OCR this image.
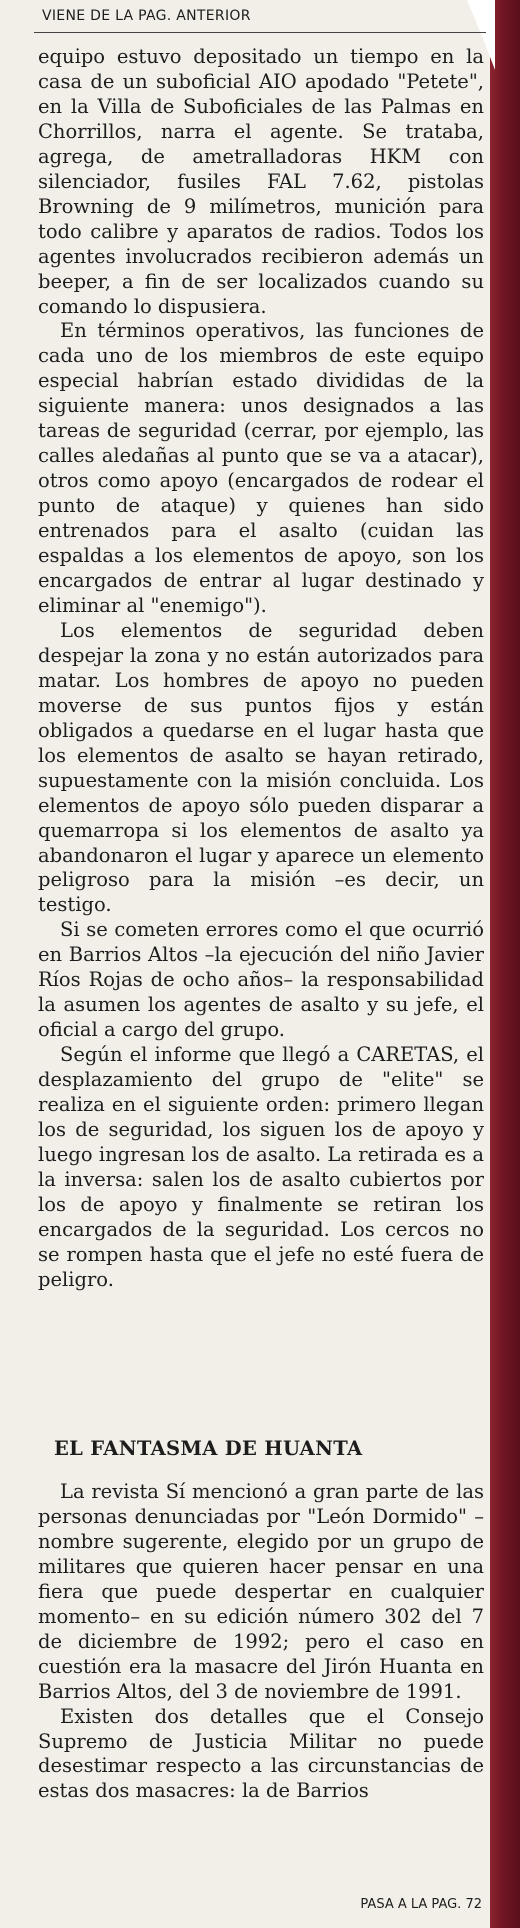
VIENE DE LA PAG. ANTERIOR

equipo estuvo depositado un tiempo en la casa de un suboficial AIO apodado "Petete", en la Villa de Suboficiales de las Palmas en Chorrillos, narra el agente. Se trataba, agrega, de ametralladoras HKM con silenciador, fusiles FAL 7.62, pistolas Browning de 9 milímetros, munición para todo calibre y aparatos de radios. Todos los agentes involucrados recibieron además un beeper, a fin de ser localizados cuando su comando lo dispusiera.

En términos operativos, las funciones de cada uno de los miembros de este equipo especial habrían estado divididas de la siguiente manera: unos designados a las tareas de seguridad (cerrar, por ejemplo, las calles aledañas al punto que se va a atacar), otros como apoyo (encargados de rodear el punto de ataque) y quienes han sido entrenados para el asalto (cuidan las espaldas a los elementos de apoyo, son los encargados de entrar al lugar destinado y eliminar al "enemigo").

Los elementos de seguridad deben despejar la zona y no están autorizados para matar. Los hombres de apoyo no pueden moverse de sus puntos fijos y están obligados a quedarse en el lugar hasta que los elementos de asalto se hayan retirado, supuestamente con la misión concluida. Los elementos de apoyo sólo pueden disparar a quemarropa si los elementos de asalto ya abandonaron el lugar y aparece un elemento peligroso para la misión –es decir, un testigo.

Si se cometen errores como el que ocurrió en Barrios Altos –la ejecución del niño Javier Ríos Rojas de ocho años– la responsabilidad la asumen los agentes de asalto y su jefe, el oficial a cargo del grupo.

Según el informe que llegó a CARETAS, el desplazamiento del grupo de "elite" se realiza en el siguiente orden: primero llegan los de seguridad, los siguen los de apoyo y luego ingresan los de asalto. La retirada es a la inversa: salen los de asalto cubiertos por los de apoyo y finalmente se retiran los encargados de la seguridad. Los cercos no se rompen hasta que el jefe no esté fuera de peligro.

EL FANTASMA DE HUANTA

La revista Sí mencionó a gran parte de las personas denunciadas por "León Dormido" –nombre sugerente, elegido por un grupo de militares que quieren hacer pensar en una fiera que puede despertar en cualquier momento– en su edición número 302 del 7 de diciembre de 1992; pero el caso en cuestión era la masacre del Jirón Huanta en Barrios Altos, del 3 de noviembre de 1991.

Existen dos detalles que el Consejo Supremo de Justicia Militar no puede desestimar respecto a las circunstancias de estas dos masacres: la de Barrios

PASA A LA PAG. 72
